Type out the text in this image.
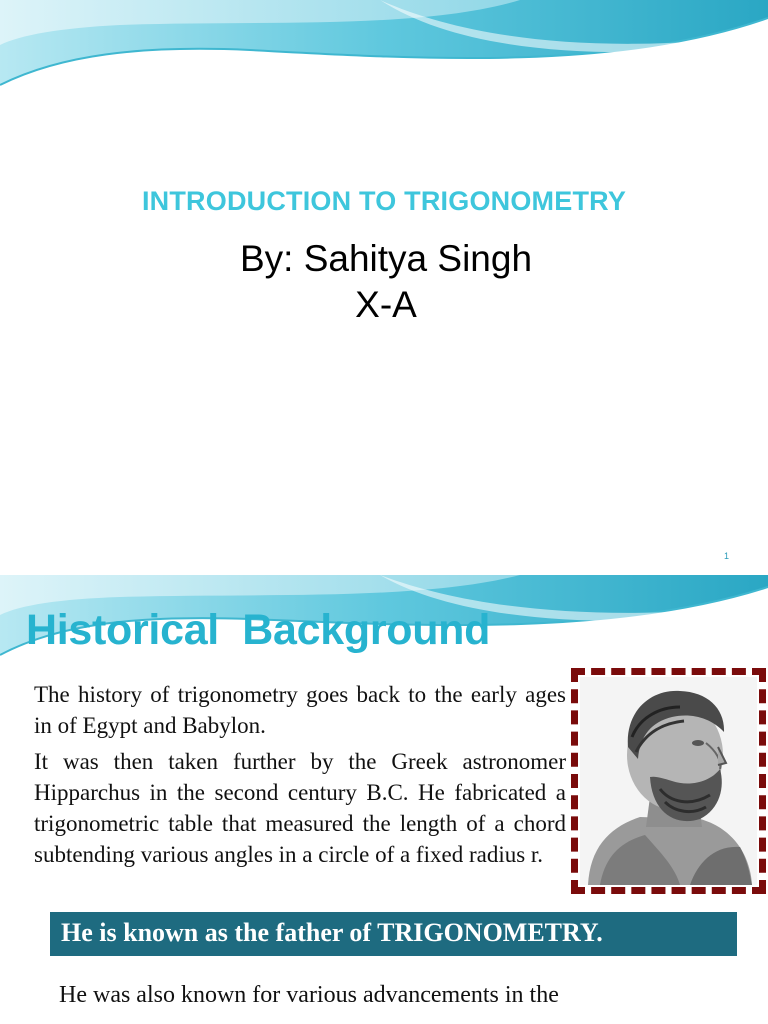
INTRODUCTION TO TRIGONOMETRY
By: Sahitya Singh
X-A
1
Historical  Background

The history of trigonometry goes back to the early ages in of Egypt and Babylon.

It was then taken further by the Greek astronomer Hipparchus in the second century B.C. He fabricated a trigonometric table that measured the length of a chord subtending various angles in a circle of a fixed radius r.

He is known as the father of TRIGONOMETRY.
He was also known for various advancements in the
